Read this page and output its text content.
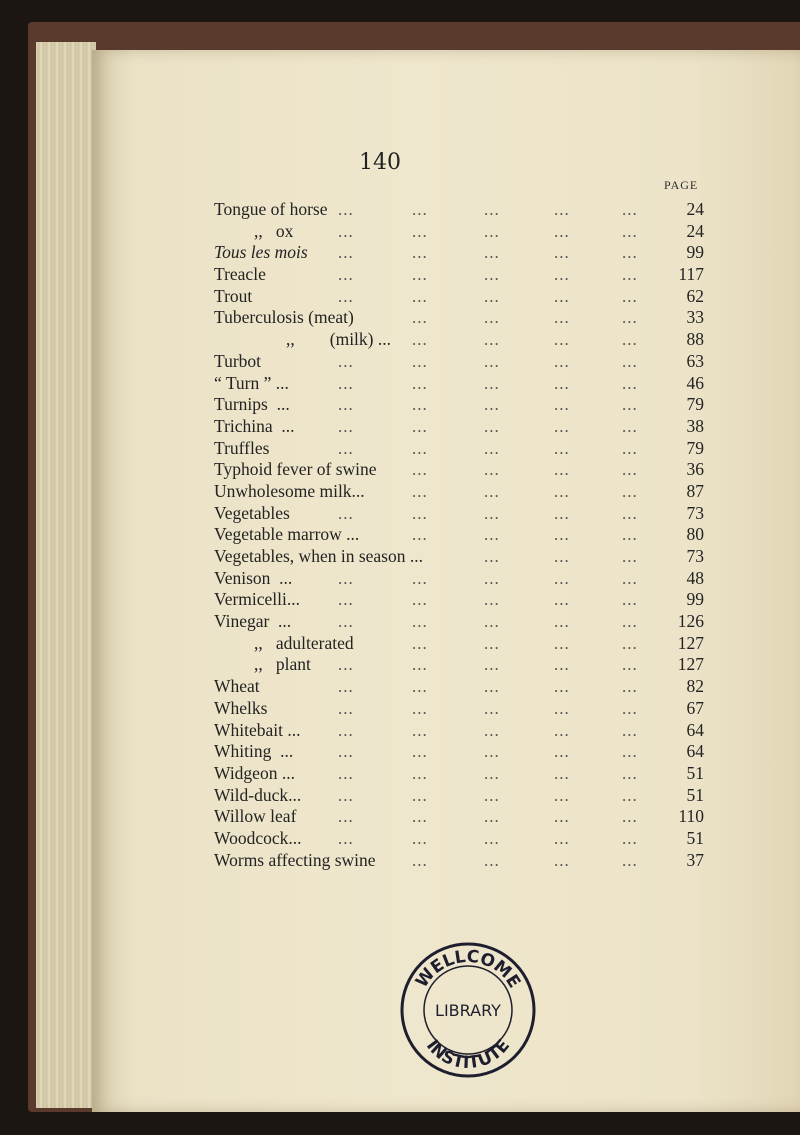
140
PAGE
Tongue of horse	24
...	...	...	...	...
,,   ox	24
...	...	...	...	...
Tous les mois	99
...	...	...	...	...
Treacle	117
...	...	...	...	...
Trout	62
...	...	...	...	...
Tuberculosis (meat)	33
...	...	...	...
,,        (milk) ...	88
...	...	...	...
Turbot	63
...	...	...	...	...
“ Turn ” ...	46
...	...	...	...	...
Turnips  ...	79
...	...	...	...	...
Trichina  ...	38
...	...	...	...	...
Truffles	79
...	...	...	...	...
Typhoid fever of swine	36
...	...	...	...
Unwholesome milk...	87
...	...	...	...
Vegetables	73
...	...	...	...	...
Vegetable marrow ...	80
...	...	...	...
Vegetables, when in season ...	73
...	...	...
Venison  ...	48
...	...	...	...	...
Vermicelli...	99
...	...	...	...	...
Vinegar  ...	126
...	...	...	...	...
,,   adulterated	127
...	...	...	...
,,   plant	127
...	...	...	...	...
Wheat	82
...	...	...	...	...
Whelks	67
...	...	...	...	...
Whitebait ...	64
...	...	...	...	...
Whiting  ...	64
...	...	...	...	...
Widgeon ...	51
...	...	...	...	...
Wild-duck...	51
...	...	...	...	...
Willow leaf	110
...	...	...	...	...
Woodcock...	51
...	...	...	...	...
Worms affecting swine	37
...	...	...	...
WELLCOME
LIBRARY
INSTITUTE
